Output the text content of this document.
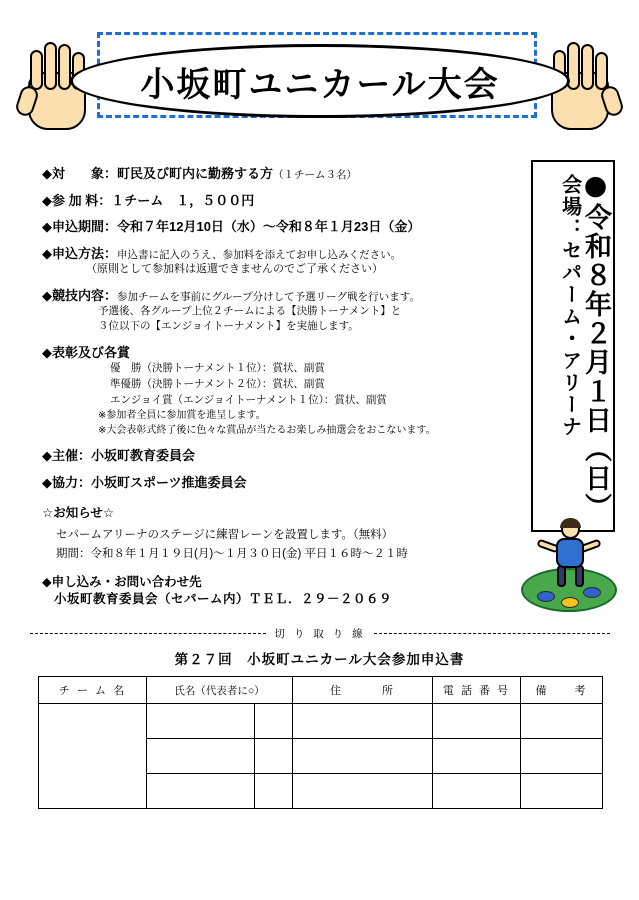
小坂町ユニカール大会
●令和８年２月１日（日）
会場：セパーム・アリーナ
◆対　　象： 町民及び町内に勤務する方 （１チーム３名）
◆参 加 料： １チーム　１，５００円
◆申込期間： 令和７年12月10日（水）～令和８年１月23日（金）
◆申込方法： 申込書に記入のうえ、参加料を添えてお申し込みください。
（原則として参加料は返還できませんのでご了承ください）
◆競技内容： 参加チームを事前にグループ分けして予選リーグ戦を行います。
予選後、各グループ上位２チームによる【決勝トーナメント】と
３位以下の【エンジョイトーナメント】を実施します。
◆表彰及び各賞
優　勝（決勝トーナメント１位）：賞状、副賞
準優勝（決勝トーナメント２位）：賞状、副賞
エンジョイ賞（エンジョイトーナメント１位）：賞状、副賞
※参加者全員に参加賞を進呈します。
※大会表彰式終了後に色々な賞品が当たるお楽しみ抽選会をおこないます。
◆主催：小坂町教育委員会
◆協力：小坂町スポーツ推進委員会
☆お知らせ☆
セパームアリーナのステージに練習レーンを設置します。（無料）
期間：令和８年１月１９日(月)～１月３０日(金) 平日１６時～２１時
◆申し込み・お問い合わせ先
小坂町教育委員会（セパーム内）ＴＥＬ．２９－２０６９
切 り 取 り 線
第２７回　小坂町ユニカール大会参加申込書
チ ー ム 名	氏名（代表者に○）		住　　　所	電 話 番 号	備　　考
